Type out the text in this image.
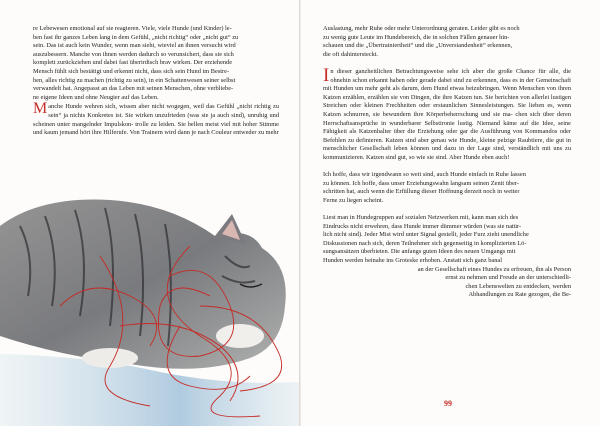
re Lebewesen emotional auf sie reagieren. Viele, viele Hunde (und Kinder) le-
ben fast ihr ganzes Leben lang in dem Gefühl, „nicht richtig“ oder „nicht gut“ zu
sein. Das ist auch kein Wunder, wenn man sieht, wieviel an ihnen versucht wird
auszubessern. Manche von ihnen werden dadurch so verunsichert, dass sie sich
komplett zurückziehen und dabei fast überirdisch brav wirken. Der erziehende
Mensch fühlt sich bestätigt und erkennt nicht, dass sich sein Hund im Bestre-
ben, alles richtig zu machen (richtig zu sein), in ein Schattenwesen seiner selbst
verwandelt hat. Angepasst an das Leben mit seinen Menschen, ohne verbliebe-
ne eigene Ideen und ohne Neugier auf das Leben.

M anche Hunde wehren sich, wissen aber nicht wogegen, weil das Gefühl „nicht richtig zu sein“ ja nichts Konkretes ist. Sie wirken unzufrieden (was sie ja auch sind), unruhig und scheinen unter mangelnder Impulskon- trolle zu leiden. Sie bellen meist viel mit hoher Stimme und kaum jemand hört ihre Hilferufe. Von Trainern wird dann je nach Couleur entweder zu mehr

Auslastung, mehr Ruhe oder mehr Unterordnung geraten. Leider gibt es noch
zu wenig gute Leute im Hundebereich, die in solchen Fällen genauer hin-
schauen und die „Übertrainiertheit“ und die „Unverstandenheit“ erkennen,
die oft dahintersteckt.

I n dieser ganzheitlichen Betrachtungsweise sehe ich aber die große Chance für alle, die ohnehin schon erkannt haben oder gerade dabei sind zu erkennen, dass es in der Gemeinschaft mit Hunden um mehr geht als darum, dem Hund etwas beizubringen. Wenn Menschen von ihren Katzen erzählen, erzählen sie von Dingen, die ihre Katzen tun. Sie berichten von allerlei lustigen Streichen oder kleinen Frechheiten oder erstaunlichen Sinnesleistungen. Sie lieben es, wenn Katzen schnurren, sie bewundern ihre Körperbeherrschung und sie ma- chen sich über deren Herrschaftsansprüche in wunderbarer Selbstironie lustig. Niemand käme auf die Idee, seine Fähigkeit als Katzenhalter über die Erziehung oder gar die Ausführung von Kommandos oder Befehlen zu definieren. Katzen sind aber genau wie Hunde, kleine pelzige Raubtiere, die gut in menschlicher Gesellschaft leben können und dazu in der Lage sind, verständlich mit uns zu kommunizieren. Katzen sind gut, so wie sie sind. Aber Hunde eben auch!

Ich hoffe, dass wir irgendwann so weit sind, auch Hunde einfach in Ruhe lassen
zu können. Ich hoffe, dass unser Erziehungswahn langsam seinen Zenit über-
schritten hat, auch wenn die Erfüllung dieser Hoffnung derzeit noch in weiter
Ferne zu liegen scheint.
Liest man in Hundegruppen auf sozialen Netzwerken mit, kann man sich des
Eindrucks nicht erwehren, dass Hunde immer dümmer würden (was sie natür-
lich nicht sind). Jeder Mist wird unter Signal gestellt, jeder Furz zieht unendliche
Diskussionen nach sich, deren Teilnehmer sich gegenseitig in komplizierten Lö-
sungsansätzen überbieten. Die anfangs guten Ideen des neuen Umgangs mit
Hunden werden beinahe ins Groteske erhoben. Anstatt sich ganz banal
an der Gesellschaft eines Hundes zu erfreuen, ihn als Person
ernst zu nehmen und Freude an der unterschiedli-
chen Lebenswelten zu entdecken, werden
Abhandlungen zu Rate gezogen, die Be-
99
